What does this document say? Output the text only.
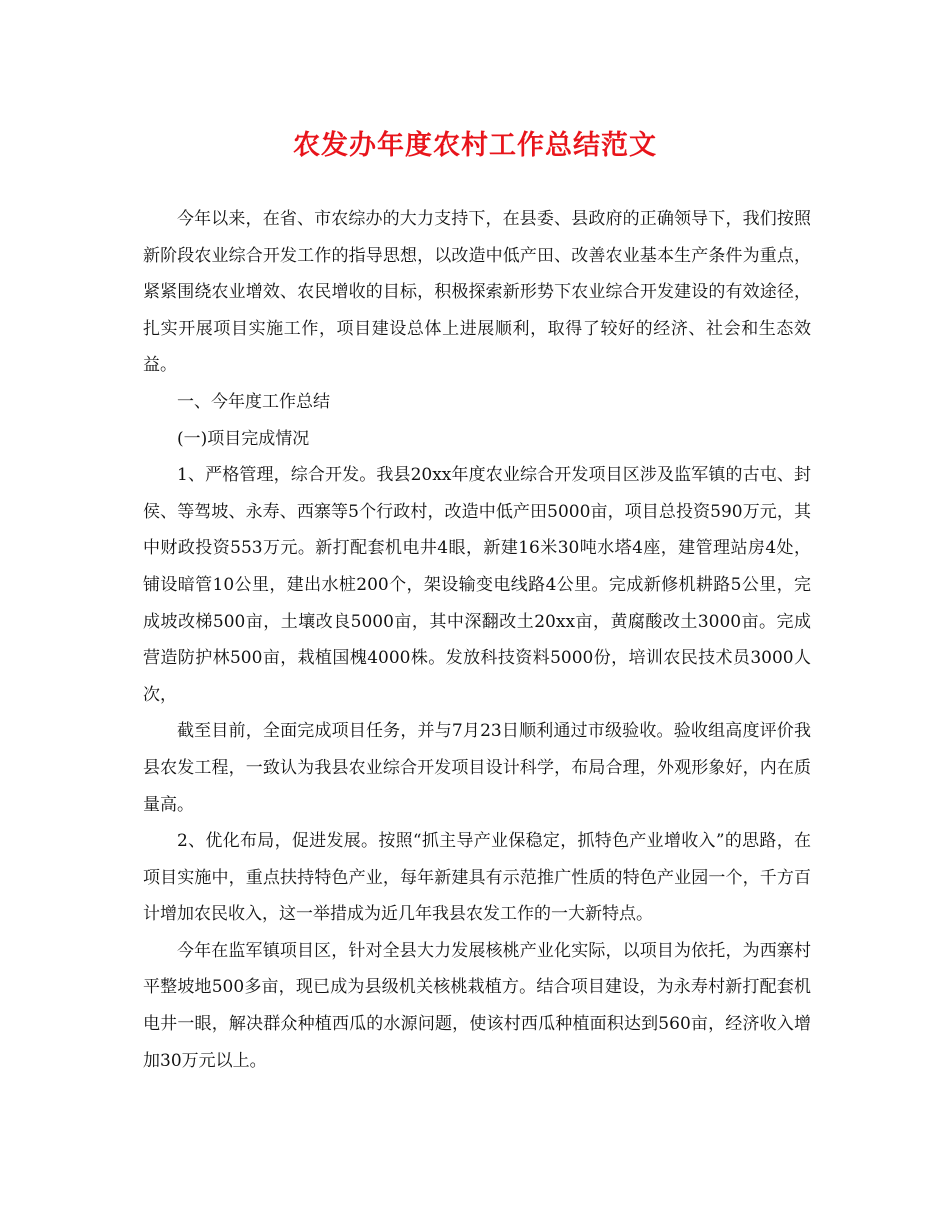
农发办年度农村工作总结范文

今年以来，在省、市农综办的大力支持下，在县委、县政府的正确领导下，我们按照新阶段农业综合开发工作的指导思想，以改造中低产田、改善农业基本生产条件为重点，紧紧围绕农业增效、农民增收的目标，积极探索新形势下农业综合开发建设的有效途径，扎实开展项目实施工作，项目建设总体上进展顺利，取得了较好的经济、社会和生态效益。

一、今年度工作总结

(一)项目完成情况

1、严格管理，综合开发。我县20xx年度农业综合开发项目区涉及监军镇的古屯、封侯、等驾坡、永寿、西寨等5个行政村，改造中低产田5000亩，项目总投资590万元，其中财政投资553万元。新打配套机电井4眼，新建16米30吨水塔4座，建管理站房4处，铺设暗管10公里，建出水桩200个，架设输变电线路4公里。完成新修机耕路5公里，完成坡改梯500亩，土壤改良5000亩，其中深翻改土20xx亩，黄腐酸改土3000亩。完成营造防护林500亩，栽植国槐4000株。发放科技资料5000份，培训农民技术员3000人次，

截至目前，全面完成项目任务，并与7月23日顺利通过市级验收。验收组高度评价我县农发工程，一致认为我县农业综合开发项目设计科学，布局合理，外观形象好，内在质量高。

2、优化布局，促进发展。按照“抓主导产业保稳定，抓特色产业增收入”的思路，在项目实施中，重点扶持特色产业，每年新建具有示范推广性质的特色产业园一个，千方百计增加农民收入，这一举措成为近几年我县农发工作的一大新特点。

今年在监军镇项目区，针对全县大力发展核桃产业化实际，以项目为依托，为西寨村平整坡地500多亩，现已成为县级机关核桃栽植方。结合项目建设，为永寿村新打配套机电井一眼，解决群众种植西瓜的水源问题，使该村西瓜种植面积达到560亩，经济收入增加30万元以上。
